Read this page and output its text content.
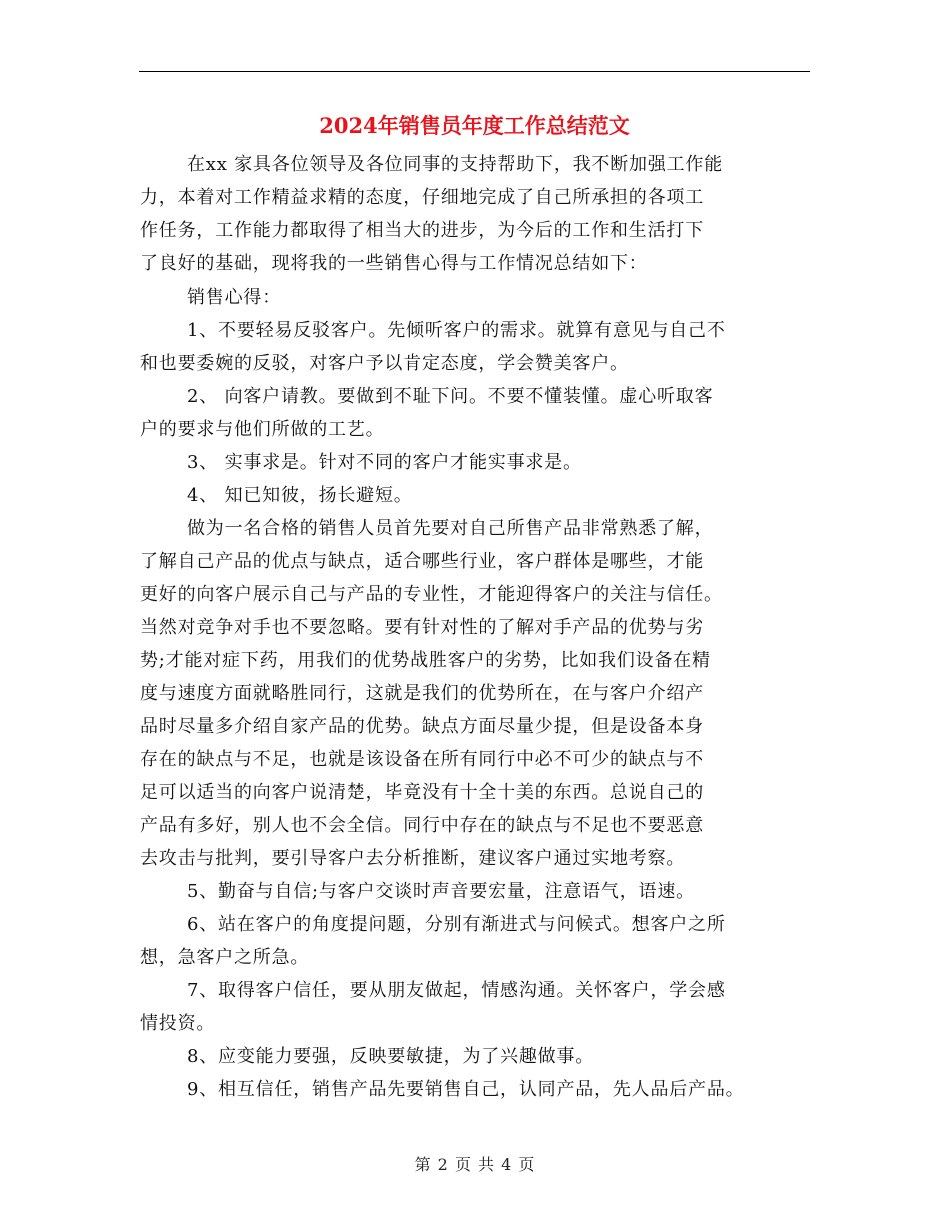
2024年销售员年度工作总结范文
在xx 家具各位领导及各位同事的支持帮助下，我不断加强工作能
力，本着对工作精益求精的态度，仔细地完成了自己所承担的各项工
作任务，工作能力都取得了相当大的进步，为今后的工作和生活打下
了良好的基础，现将我的一些销售心得与工作情况总结如下：
销售心得：
1、不要轻易反驳客户。先倾听客户的需求。就算有意见与自己不
和也要委婉的反驳，对客户予以肯定态度，学会赞美客户。
2、 向客户请教。要做到不耻下问。不要不懂装懂。虚心听取客
户的要求与他们所做的工艺。
3、 实事求是。针对不同的客户才能实事求是。
4、 知已知彼，扬长避短。
做为一名合格的销售人员首先要对自己所售产品非常熟悉了解，
了解自己产品的优点与缺点，适合哪些行业，客户群体是哪些，才能
更好的向客户展示自己与产品的专业性，才能迎得客户的关注与信任。
当然对竞争对手也不要忽略。要有针对性的了解对手产品的优势与劣
势;才能对症下药，用我们的优势战胜客户的劣势，比如我们设备在精
度与速度方面就略胜同行，这就是我们的优势所在，在与客户介绍产
品时尽量多介绍自家产品的优势。缺点方面尽量少提，但是设备本身
存在的缺点与不足，也就是该设备在所有同行中必不可少的缺点与不
足可以适当的向客户说清楚，毕竟没有十全十美的东西。总说自己的
产品有多好，别人也不会全信。同行中存在的缺点与不足也不要恶意
去攻击与批判，要引导客户去分析推断，建议客户通过实地考察。
5、勤奋与自信;与客户交谈时声音要宏量，注意语气，语速。
6、站在客户的角度提问题，分别有渐进式与问候式。想客户之所
想，急客户之所急。
7、取得客户信任，要从朋友做起，情感沟通。关怀客户，学会感
情投资。
8、应变能力要强，反映要敏捷，为了兴趣做事。
9、相互信任，销售产品先要销售自己，认同产品，先人品后产品。
第 2 页 共 4 页
